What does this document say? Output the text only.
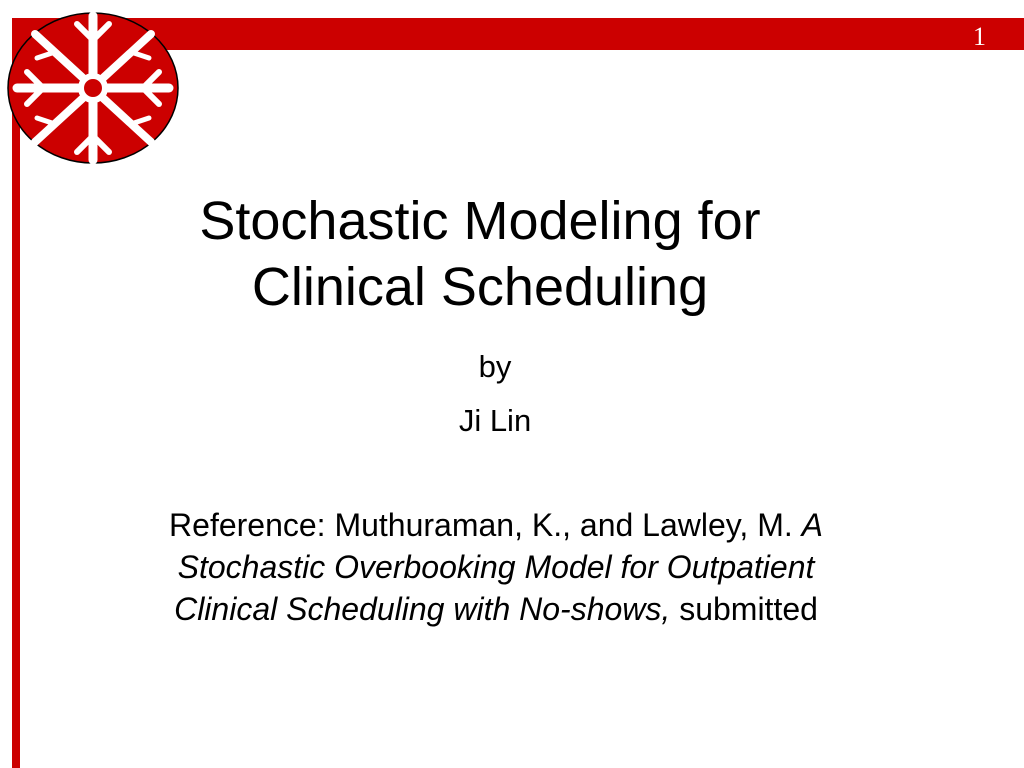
1
Stochastic Modeling for
Clinical Scheduling
by
Ji Lin
Reference: Muthuraman, K., and Lawley, M. A
Stochastic Overbooking Model for Outpatient
Clinical Scheduling with No-shows, submitted
